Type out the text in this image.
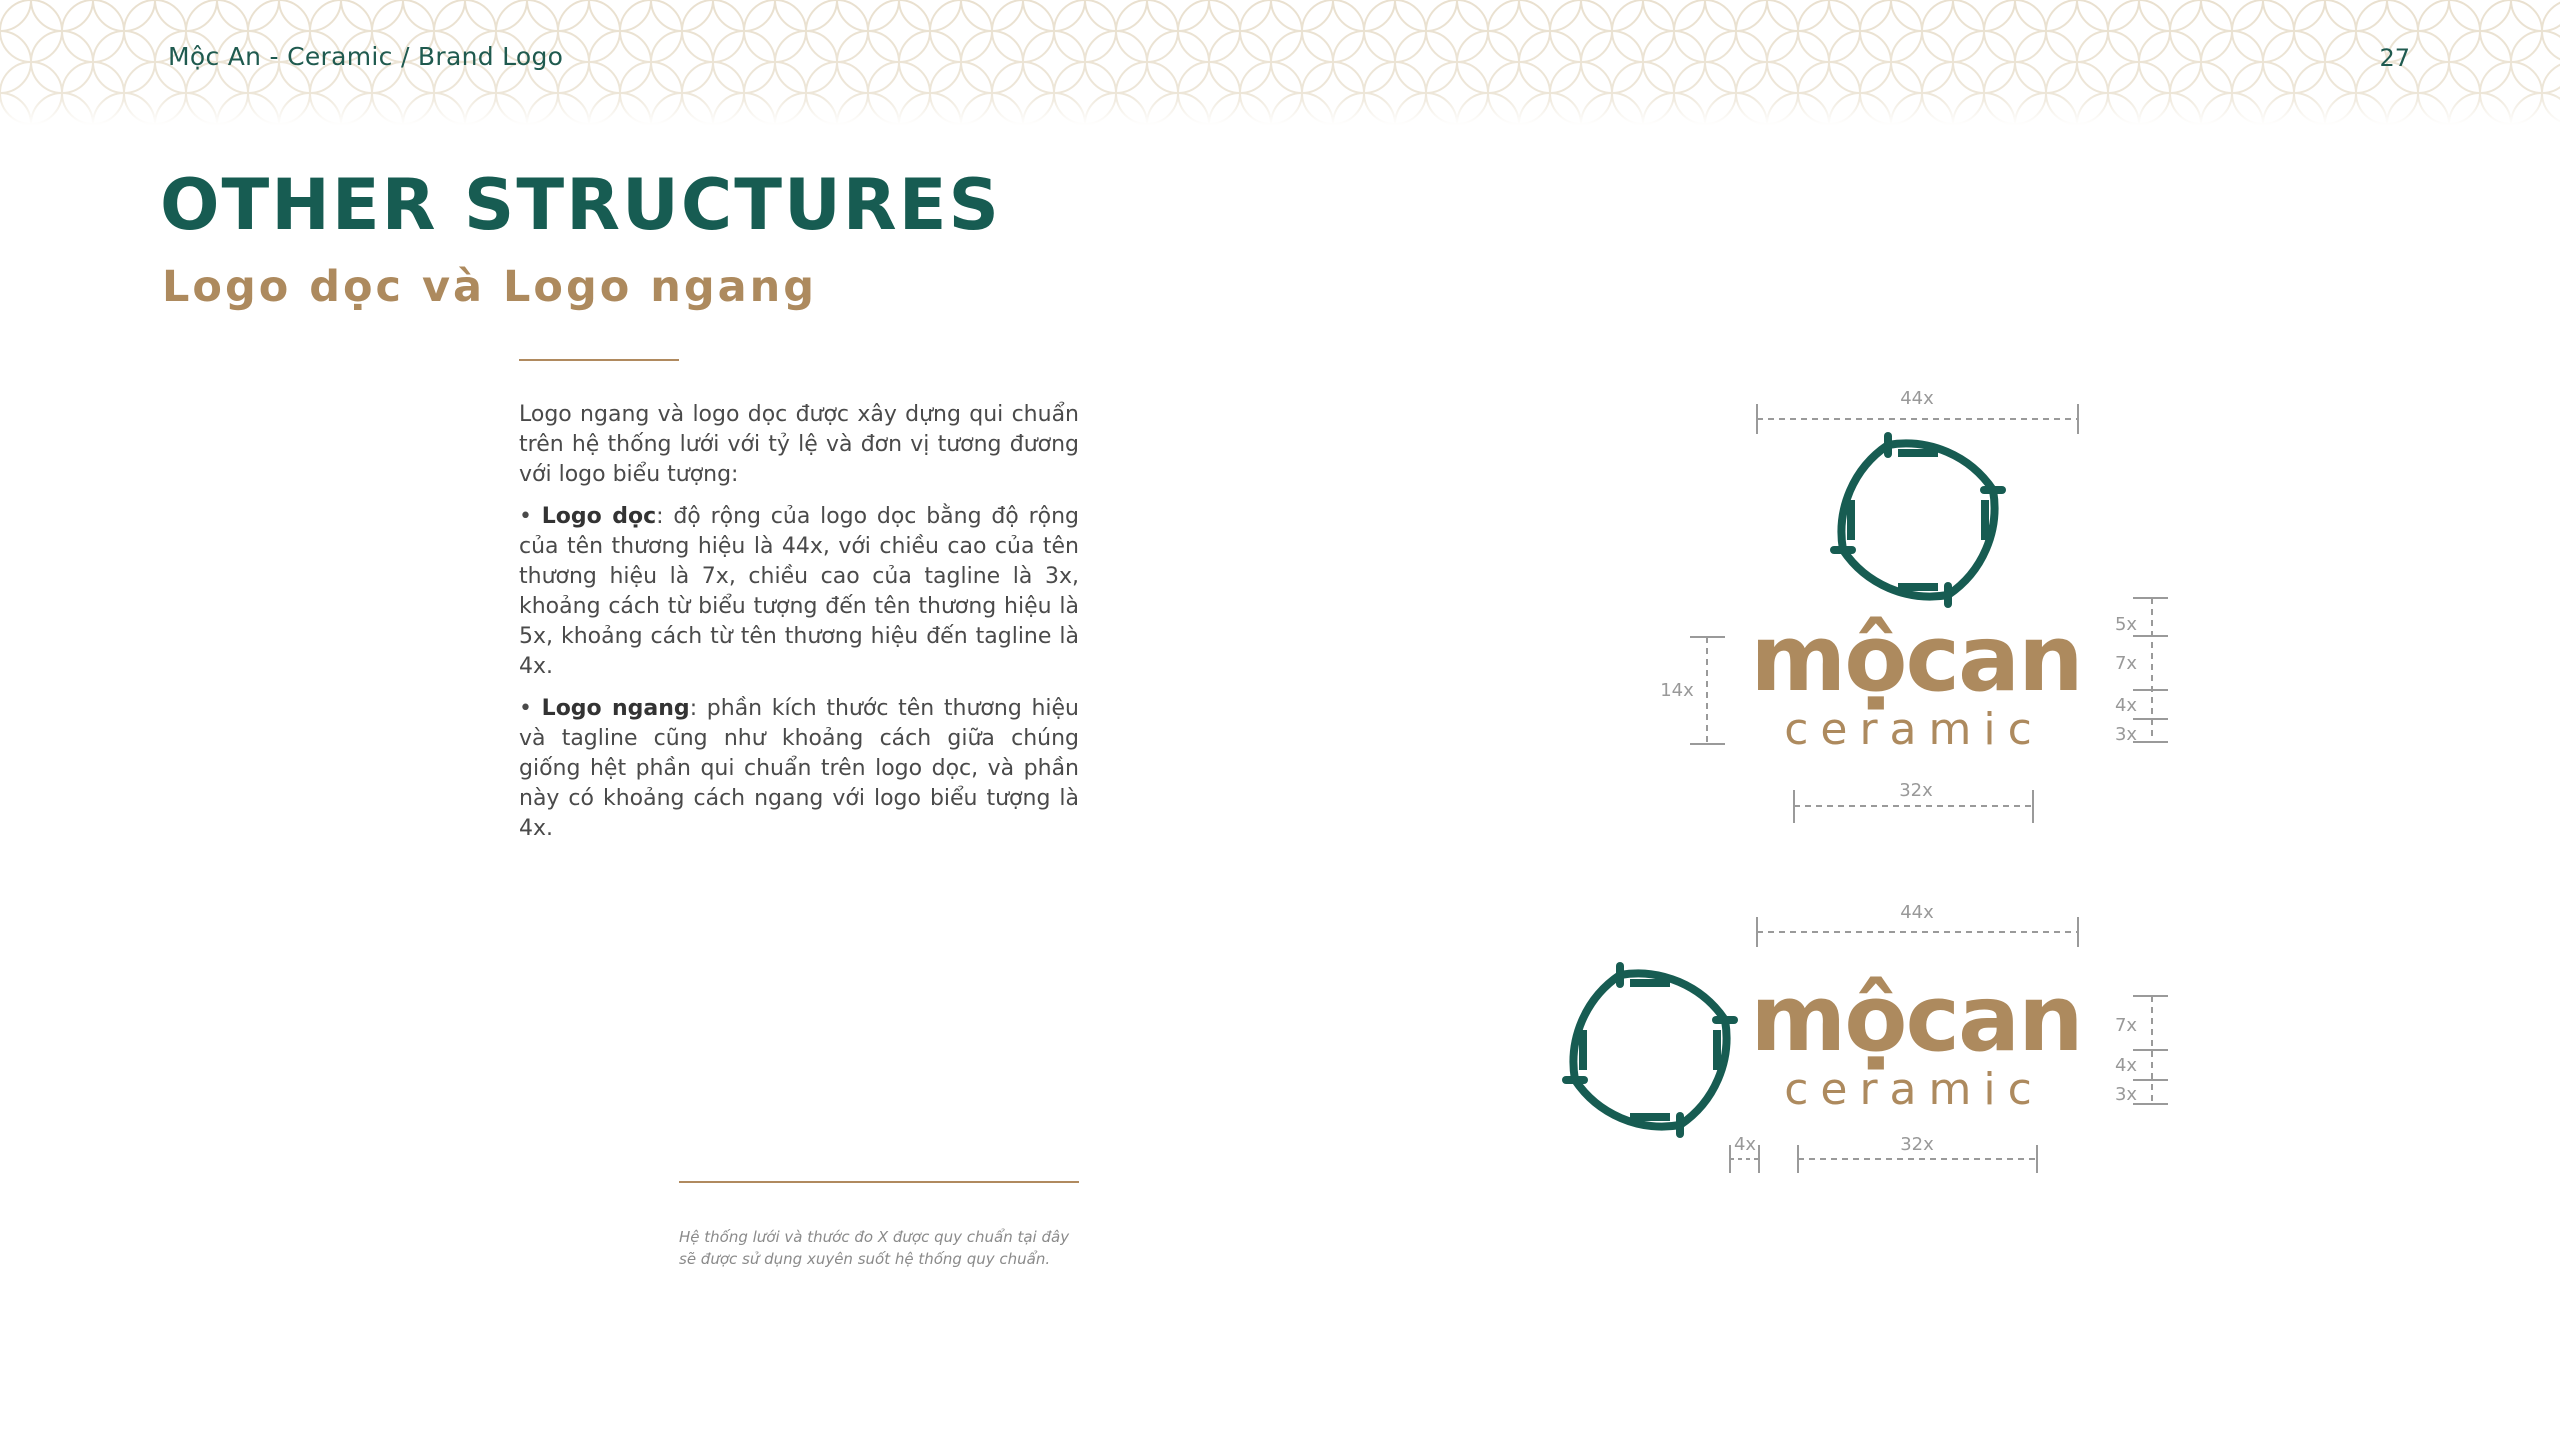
Mộc An - Ceramic / Brand Logo	27
OTHER STRUCTURES
Logo dọc và Logo ngang

Logo ngang và logo dọc được xây dựng qui chuẩn trên hệ thống lưới với tỷ lệ và đơn vị tương đương với logo biểu tượng:

• Logo dọc: độ rộng của logo dọc bằng độ rộng của tên thương hiệu là 44x, với chiều cao của tên thương hiệu là 7x, chiều cao của tagline là 3x, khoảng cách từ biểu tượng đến tên thương hiệu là 5x, khoảng cách từ tên thương hiệu đến tagline là 4x.

• Logo ngang: phần kích thước tên thương hiệu và tagline cũng như khoảng cách giữa chúng giống hệt phần qui chuẩn trên logo dọc, và phần này có khoảng cách ngang với logo biểu tượng là 4x.

Hệ thống lưới và thước đo X được quy chuẩn tại đây
sẽ được sử dụng xuyên suốt hệ thống quy chuẩn.
mộcan
ceramic
44x
14x
32x
5x
7x
4x
3x
mộcan
ceramic
44x
4x	32x
7x
4x
3x
